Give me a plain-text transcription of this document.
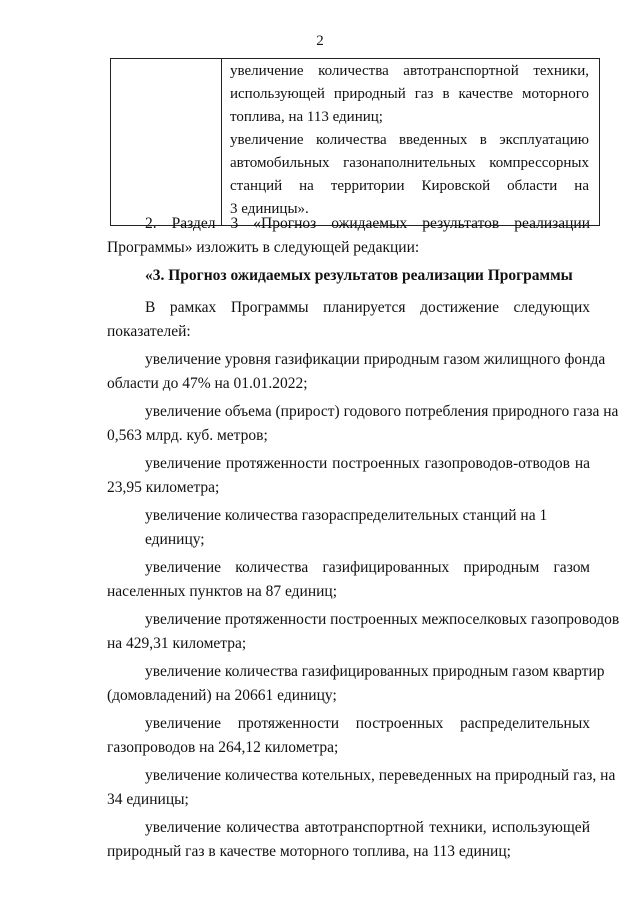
2

увеличение количества автотранспортной техники,
использующей природный газ в качестве моторного
топлива, на 113 единиц;
увеличение количества введенных в эксплуатацию
автомобильных газонаполнительных компрессорных
станций на территории Кировской области на
3 единицы».

2. Раздел 3 «Прогноз ожидаемых результатов реализации
Программы» изложить в следующей редакции:

«3. Прогноз ожидаемых результатов реализации Программы

В рамках Программы планируется достижение следующих
показателей:

увеличение уровня газификации природным газом жилищного фонда
области до 47% на 01.01.2022;

увеличение объема (прирост) годового потребления природного газа на
0,563 млрд. куб. метров;

увеличение протяженности построенных газопроводов-отводов на
23,95 километра;

увеличение количества газораспределительных станций на 1 единицу;

увеличение количества газифицированных природным газом
населенных пунктов на 87 единиц;

увеличение протяженности построенных межпоселковых газопроводов
на 429,31 километра;

увеличение количества газифицированных природным газом квартир
(домовладений) на 20661 единицу;

увеличение протяженности построенных распределительных
газопроводов на 264,12 километра;

увеличение количества котельных, переведенных на природный газ, на
34 единицы;

увеличение количества автотранспортной техники, использующей
природный газ в качестве моторного топлива, на 113 единиц;
